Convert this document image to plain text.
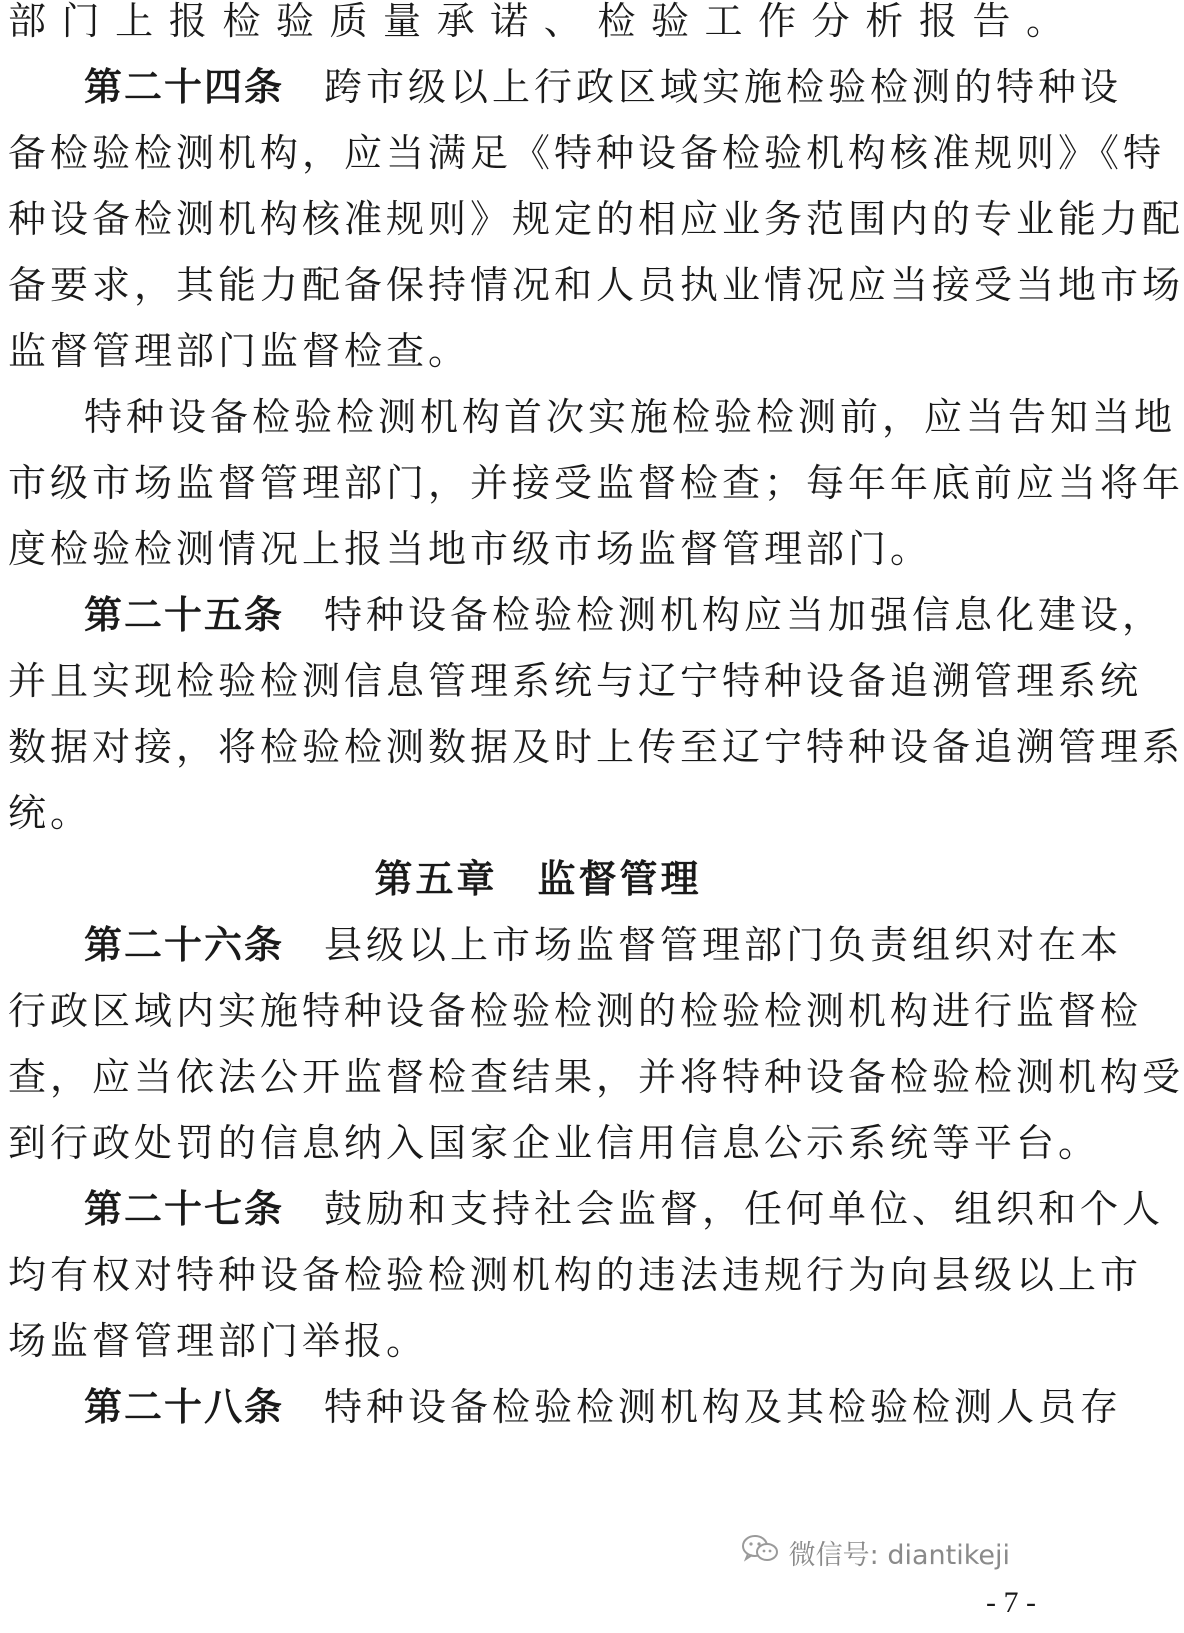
部门上报检验质量承诺、检验工作分析报告。
第二十四条 跨市级以上行政区域实施检验检测的特种设
备检验检测机构，应当满足《特种设备检验机构核准规则》《特
种设备检测机构核准规则》规定的相应业务范围内的专业能力配
备要求，其能力配备保持情况和人员执业情况应当接受当地市场
监督管理部门监督检查。
特种设备检验检测机构首次实施检验检测前，应当告知当地
市级市场监督管理部门，并接受监督检查；每年年底前应当将年
度检验检测情况上报当地市级市场监督管理部门。
第二十五条 特种设备检验检测机构应当加强信息化建设，
并且实现检验检测信息管理系统与辽宁特种设备追溯管理系统
数据对接，将检验检测数据及时上传至辽宁特种设备追溯管理系
统。
第五章 监督管理
第二十六条 县级以上市场监督管理部门负责组织对在本
行政区域内实施特种设备检验检测的检验检测机构进行监督检
查，应当依法公开监督检查结果，并将特种设备检验检测机构受
到行政处罚的信息纳入国家企业信用信息公示系统等平台。
第二十七条 鼓励和支持社会监督，任何单位、组织和个人
均有权对特种设备检验检测机构的违法违规行为向县级以上市
场监督管理部门举报。
第二十八条 特种设备检验检测机构及其检验检测人员存
微信号: diantikeji
- 7 -
